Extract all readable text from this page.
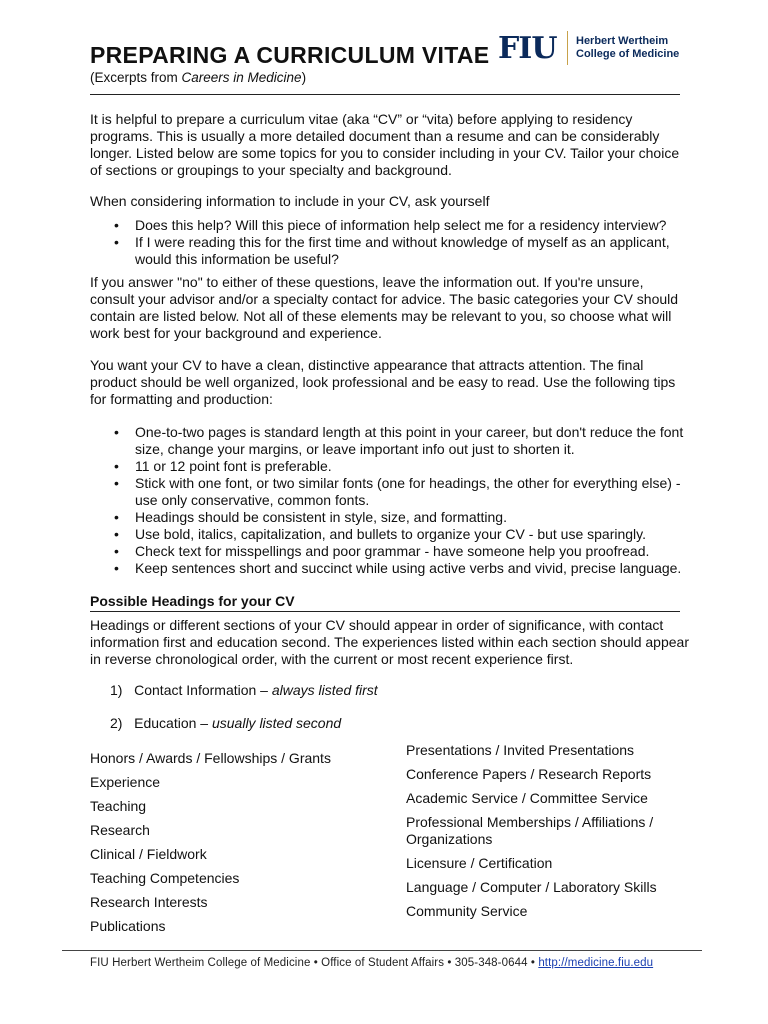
PREPARING A CURRICULUM VITAE
(Excerpts from Careers in Medicine)
FIU Herbert Wertheim
College of Medicine
It is helpful to prepare a curriculum vitae (aka “CV” or “vita) before applying to residency programs. This is usually a more detailed document than a resume and can be considerably longer. Listed below are some topics for you to consider including in your CV. Tailor your choice of sections or groupings to your specialty and background.
When considering information to include in your CV, ask yourself
• Does this help? Will this piece of information help select me for a residency interview?
• If I were reading this for the first time and without knowledge of myself as an applicant, would this information be useful?
If you answer "no" to either of these questions, leave the information out. If you're unsure, consult your advisor and/or a specialty contact for advice. The basic categories your CV should contain are listed below. Not all of these elements may be relevant to you, so choose what will work best for your background and experience.
You want your CV to have a clean, distinctive appearance that attracts attention. The final product should be well organized, look professional and be easy to read. Use the following tips for formatting and production:
• One-to-two pages is standard length at this point in your career, but don't reduce the font size, change your margins, or leave important info out just to shorten it.
• 11 or 12 point font is preferable.
• Stick with one font, or two similar fonts (one for headings, the other for everything else) - use only conservative, common fonts.
• Headings should be consistent in style, size, and formatting.
• Use bold, italics, capitalization, and bullets to organize your CV - but use sparingly.
• Check text for misspellings and poor grammar - have someone help you proofread.
• Keep sentences short and succinct while using active verbs and vivid, precise language.
Possible Headings for your CV
Headings or different sections of your CV should appear in order of significance, with contact information first and education second. The experiences listed within each section should appear in reverse chronological order, with the current or most recent experience first.
1) Contact Information – always listed first
2) Education – usually listed second
Honors / Awards / Fellowships / Grants
Experience
Teaching
Research
Clinical / Fieldwork
Teaching Competencies
Research Interests
Publications
Presentations / Invited Presentations
Conference Papers / Research Reports
Academic Service / Committee Service
Professional Memberships / Affiliations / Organizations
Licensure / Certification
Language / Computer / Laboratory Skills
Community Service
FIU Herbert Wertheim College of Medicine • Office of Student Affairs • 305-348-0644 • http://medicine.fiu.edu
